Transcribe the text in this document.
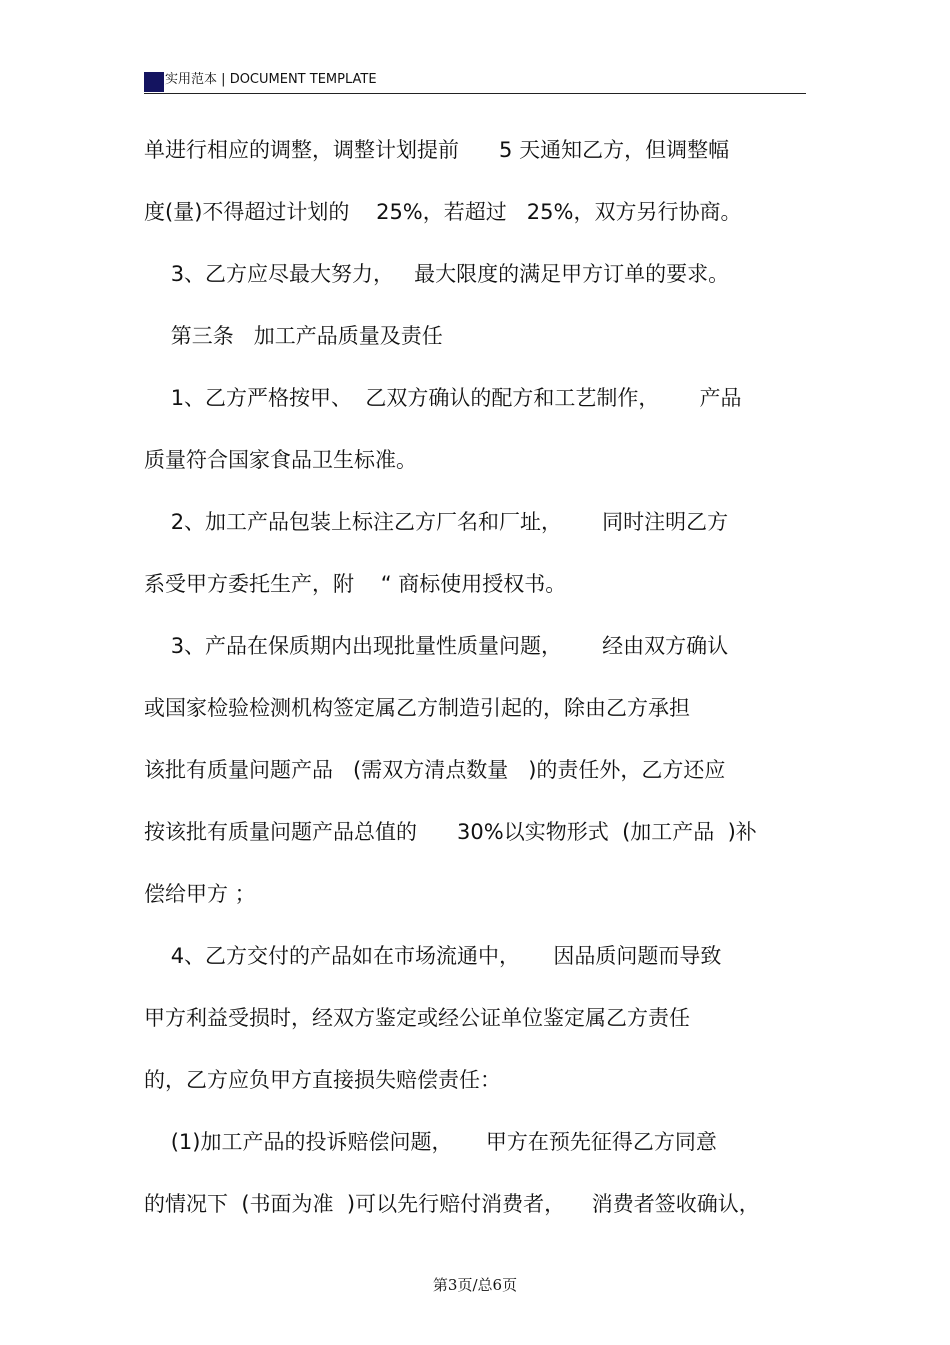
实用范本 | DOCUMENT TEMPLATE
单进行相应的调整，调整计划提前      5 天通知乙方，但调整幅
度(量)不得超过计划的    25%，若超过   25%，双方另行协商。
3、乙方应尽最大努力，   最大限度的满足甲方订单的要求。
第三条   加工产品质量及责任
1、乙方严格按甲、  乙双方确认的配方和工艺制作，      产品
质量符合国家食品卫生标准。
2、加工产品包装上标注乙方厂名和厂址，      同时注明乙方
系受甲方委托生产，附    “ 商标使用授权书。
3、产品在保质期内出现批量性质量问题，      经由双方确认
或国家检验检测机构签定属乙方制造引起的，除由乙方承担
该批有质量问题产品   (需双方清点数量   )的责任外，乙方还应
按该批有质量问题产品总值的      30%以实物形式  (加工产品  )补
偿给甲方 ；
4、乙方交付的产品如在市场流通中，     因品质问题而导致
甲方利益受损时，经双方鉴定或经公证单位鉴定属乙方责任
的，乙方应负甲方直接损失赔偿责任：
(1)加工产品的投诉赔偿问题，     甲方在预先征得乙方同意
的情况下  (书面为准  )可以先行赔付消费者，    消费者签收确认，
第3页/总6页
